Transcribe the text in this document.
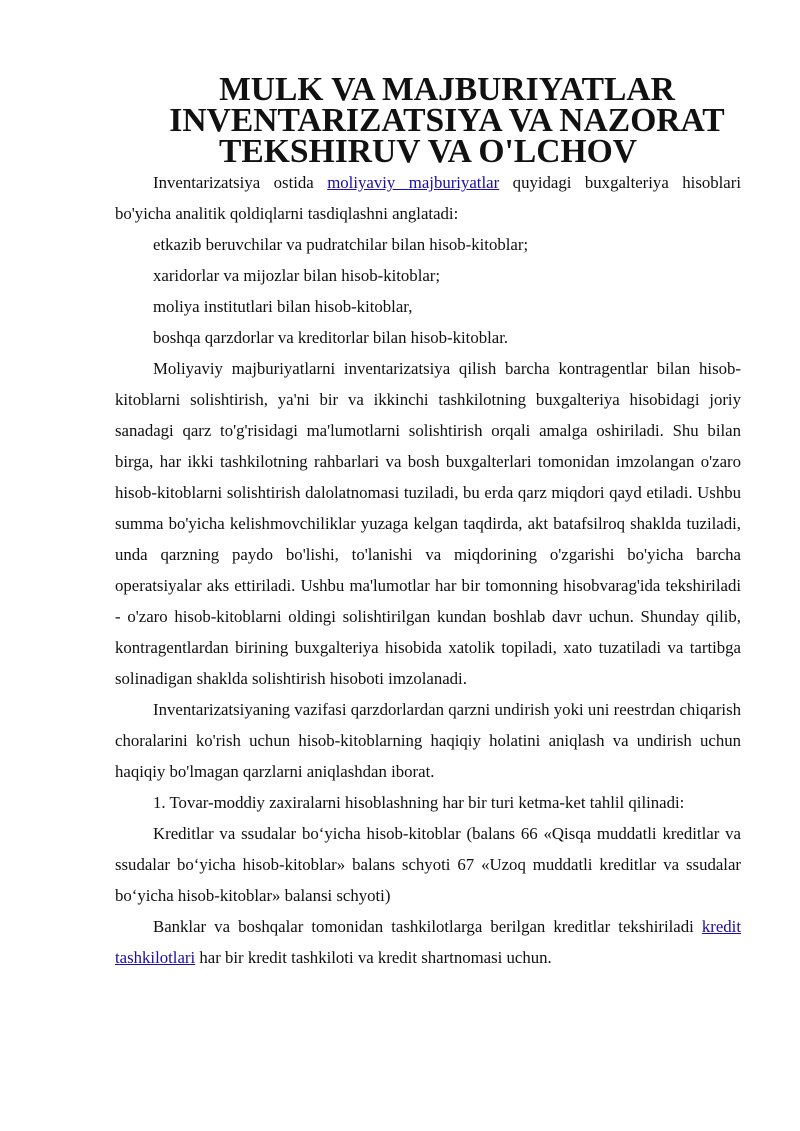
MULK VA MAJBURIYATLAR INVENTARIZATSIYA VA NAZORAT
TEKSHIRUV VA O'LCHOV

Inventarizatsiya ostida moliyaviy majburiyatlar quyidagi buxgalteriya hisoblari bo'yicha analitik qoldiqlarni tasdiqlashni anglatadi:

etkazib beruvchilar va pudratchilar bilan hisob-kitoblar;

xaridorlar va mijozlar bilan hisob-kitoblar;

moliya institutlari bilan hisob-kitoblar,

boshqa qarzdorlar va kreditorlar bilan hisob-kitoblar.

Moliyaviy majburiyatlarni inventarizatsiya qilish barcha kontragentlar bilan hisob-kitoblarni solishtirish, ya'ni bir va ikkinchi tashkilotning buxgalteriya hisobidagi joriy sanadagi qarz to'g'risidagi ma'lumotlarni solishtirish orqali amalga oshiriladi. Shu bilan birga, har ikki tashkilotning rahbarlari va bosh buxgalterlari tomonidan imzolangan o'zaro hisob-kitoblarni solishtirish dalolatnomasi tuziladi, bu erda qarz miqdori qayd etiladi. Ushbu summa bo'yicha kelishmovchiliklar yuzaga kelgan taqdirda, akt batafsilroq shaklda tuziladi, unda qarzning paydo bo'lishi, to'lanishi va miqdorining o'zgarishi bo'yicha barcha operatsiyalar aks ettiriladi. Ushbu ma'lumotlar har bir tomonning hisobvarag'ida tekshiriladi - o'zaro hisob-kitoblarni oldingi solishtirilgan kundan boshlab davr uchun. Shunday qilib, kontragentlardan birining buxgalteriya hisobida xatolik topiladi, xato tuzatiladi va tartibga solinadigan shaklda solishtirish hisoboti imzolanadi.

Inventarizatsiyaning vazifasi qarzdorlardan qarzni undirish yoki uni reestrdan chiqarish choralarini ko'rish uchun hisob-kitoblarning haqiqiy holatini aniqlash va undirish uchun haqiqiy bo'lmagan qarzlarni aniqlashdan iborat.

1. Tovar-moddiy zaxiralarni hisoblashning har bir turi ketma-ket tahlil qilinadi:

Kreditlar va ssudalar bo‘yicha hisob-kitoblar (balans 66 «Qisqa muddatli kreditlar va ssudalar bo‘yicha hisob-kitoblar» balans schyoti 67 «Uzoq muddatli kreditlar va ssudalar bo‘yicha hisob-kitoblar» balansi schyoti)

Banklar va boshqalar tomonidan tashkilotlarga berilgan kreditlar tekshiriladi kredit tashkilotlari har bir kredit tashkiloti va kredit shartnomasi uchun.
